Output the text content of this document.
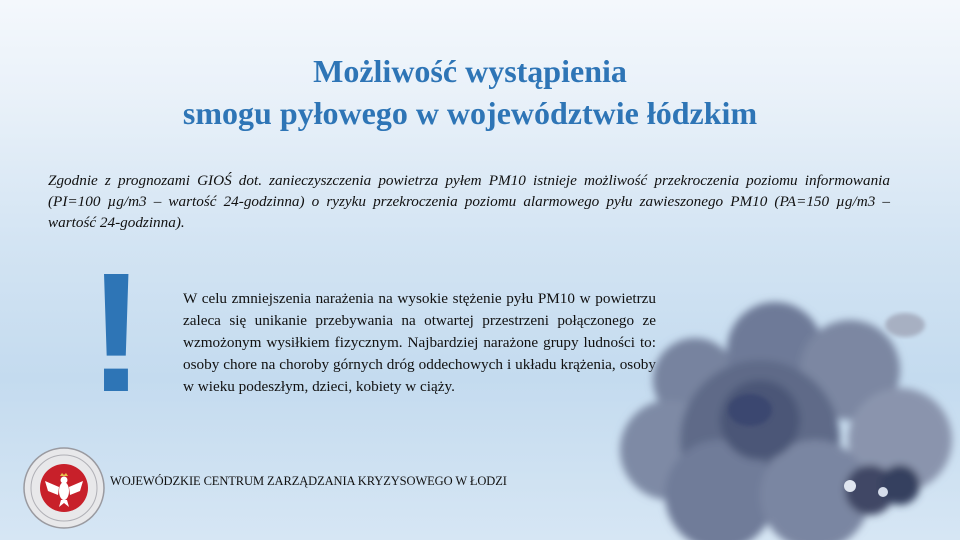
Możliwość wystąpienia
smogu pyłowego w województwie łódzkim

Zgodnie z prognozami GIOŚ dot. zanieczyszczenia powietrza pyłem PM10 istnieje możliwość przekroczenia poziomu informowania (PI=100 µg/m3 – wartość 24-godzinna) o ryzyku przekroczenia poziomu alarmowego pyłu zawieszonego PM10 (PA=150 µg/m3 – wartość 24-godzinna).

!	W celu zmniejszenia narażenia na wysokie stężenie pyłu PM10 w powietrzu zaleca się unikanie przebywania na otwartej przestrzeni połączonego ze wzmożonym wysiłkiem fizycznym. Najbardziej narażone grupy ludności to: osoby chore na choroby górnych dróg oddechowych i układu krążenia, osoby w wieku podeszłym, dzieci, kobiety w ciąży.

WOJEWÓDZKIE CENTRUM ZARZĄDZANIA KRYZYSOWEGO W ŁODZI
